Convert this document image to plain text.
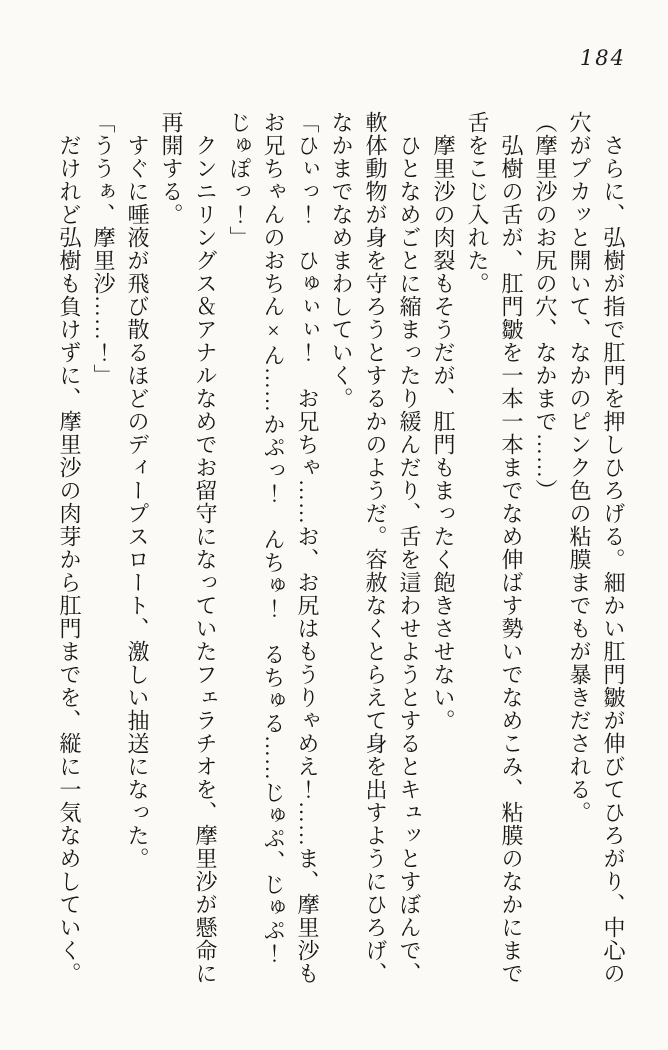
184

　さらに、弘樹が指で肛門を押しひろげる。細かい肛門皺が伸びてひろがり、中心の

穴がプカッと開いて、なかのピンク色の粘膜までもが暴きだされる。

（摩里沙のお尻の穴、なかまで……）

　弘樹の舌が、肛門皺を一本一本までなめ伸ばす勢いでなめこみ、粘膜のなかにまで

舌をこじ入れた。

　摩里沙の肉裂もそうだが、肛門もまったく飽きさせない。

　ひとなめごとに縮まったり緩んだり、舌を這わせようとするとキュッとすぼんで、

軟体動物が身を守ろうとするかのようだ。容赦なくとらえて身を出すようにひろげ、

なかまでなめまわしていく。

「ひぃっ！　ひゅぃぃ！　お兄ちゃ……お、お尻はもうりゃめえ！……ま、摩里沙も

お兄ちゃんのおちん×ん……かぷっ！　んちゅ！　るちゅる……じゅぷ、じゅぷ！

じゅぽっ！」

　クンニリングス＆アナルなめでお留守になっていたフェラチオを、摩里沙が懸命に

再開する。

　すぐに唾液が飛び散るほどのディープスロート、激しい抽送になった。

「ううぁ、摩里沙……！」

　だけれど弘樹も負けずに、摩里沙の肉芽から肛門までを、縦に一気なめしていく。
